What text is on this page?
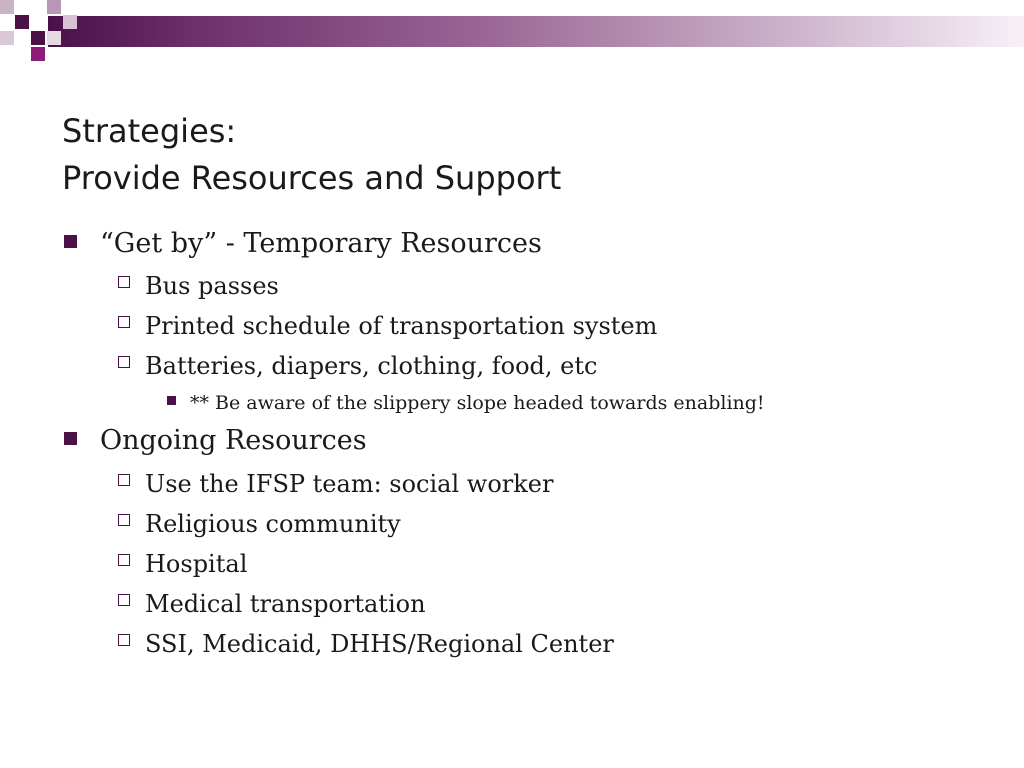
Strategies:
Provide Resources and Support
“Get by” - Temporary Resources
Bus passes
Printed schedule of transportation system
Batteries, diapers, clothing, food, etc
** Be aware of the slippery slope headed towards enabling!
Ongoing Resources
Use the IFSP team: social worker
Religious community
Hospital
Medical transportation
SSI, Medicaid, DHHS/Regional Center
